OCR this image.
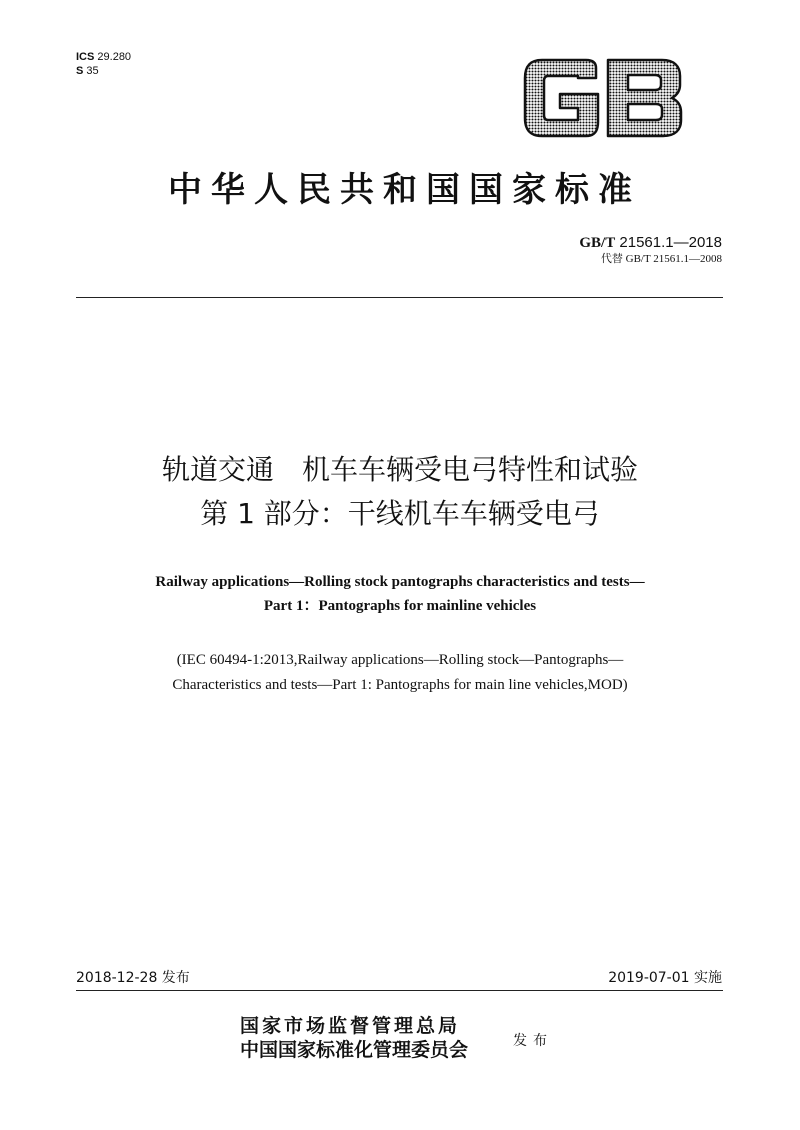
ICS 29.280
S 35
中华人民共和国国家标准
GB/T 21561.1—2018
代替 GB/T 21561.1—2008
轨道交通　机车车辆受电弓特性和试验
第 1 部分：干线机车车辆受电弓
Railway applications—Rolling stock pantographs characteristics and tests—
Part 1：Pantographs for mainline vehicles
(IEC 60494-1:2013,Railway applications—Rolling stock—Pantographs—
Characteristics and tests—Part 1: Pantographs for main line vehicles,MOD)
2018-12-28 发布	2019-07-01 实施
国家市场监督管理总局
中国国家标准化管理委员会	发布
